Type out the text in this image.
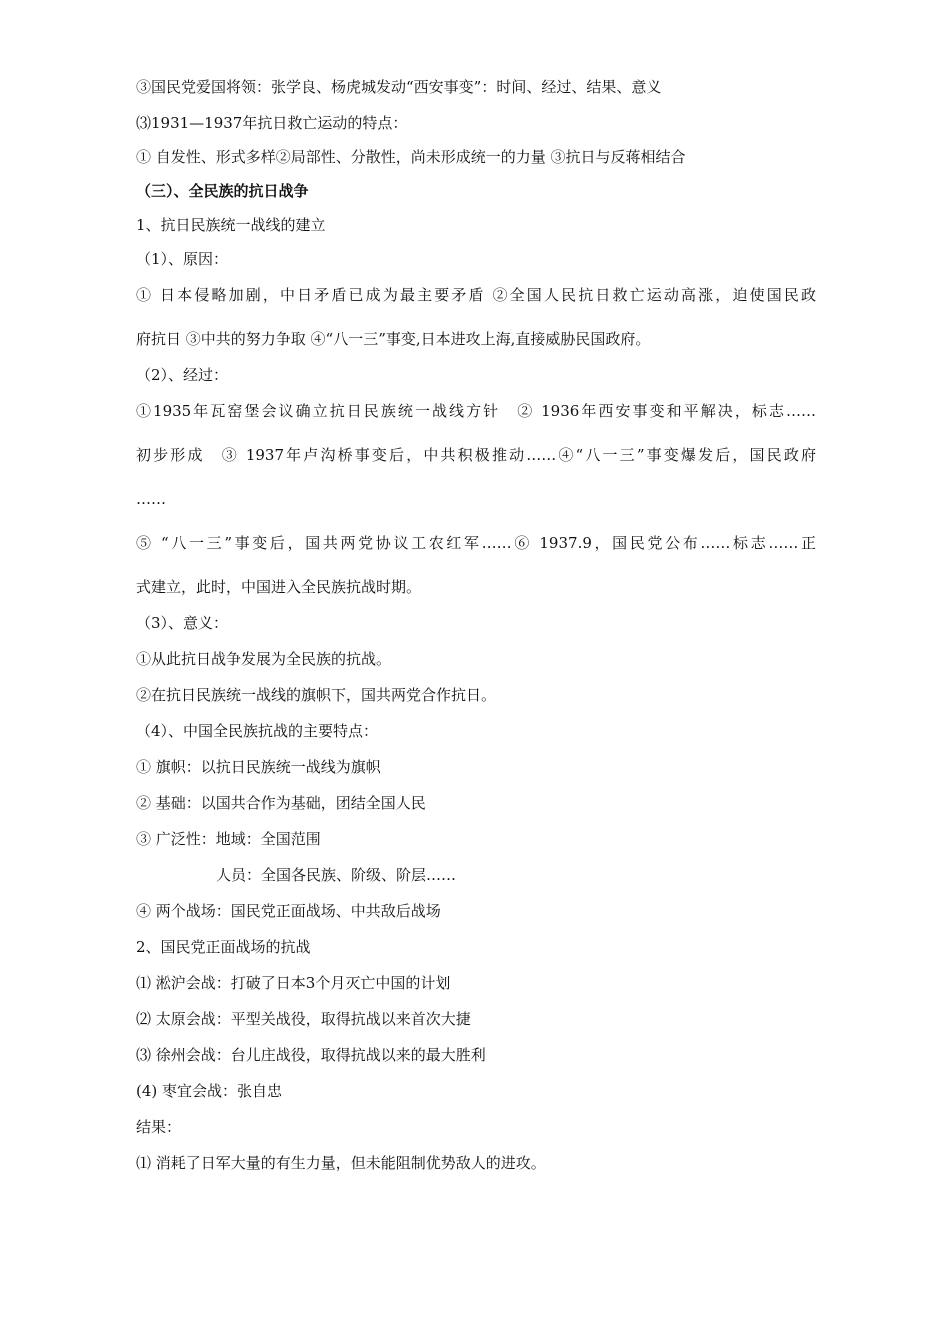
③国民党爱国将领：张学良、杨虎城发动“西安事变”：时间、经过、结果、意义
⑶1931—1937年抗日救亡运动的特点：
① 自发性、形式多样②局部性、分散性，尚未形成统一的力量 ③抗日与反蒋相结合
（三）、全民族的抗日战争
1、抗日民族统一战线的建立
（1）、原因：
① 日本侵略加剧，中日矛盾已成为最主要矛盾 ②全国人民抗日救亡运动高涨，迫使国民政
府抗日 ③中共的努力争取 ④“八一三”事变,日本进攻上海,直接威胁民国政府。
（2）、经过：
①1935年瓦窑堡会议确立抗日民族统一战线方针　② 1936年西安事变和平解决，标志……
初步形成　③ 1937年卢沟桥事变后，中共积极推动……④“八一三”事变爆发后，国民政府
……
⑤ “八一三”事变后，国共两党协议工农红军……⑥ 1937.9，国民党公布……标志……正
式建立，此时，中国进入全民族抗战时期。
（3）、意义：
①从此抗日战争发展为全民族的抗战。
②在抗日民族统一战线的旗帜下，国共两党合作抗日。
（4）、中国全民族抗战的主要特点：
① 旗帜：以抗日民族统一战线为旗帜
② 基础：以国共合作为基础，团结全国人民
③ 广泛性：地域：全国范围
人员：全国各民族、阶级、阶层……
④ 两个战场：国民党正面战场、中共敌后战场
2、国民党正面战场的抗战
⑴ 淞沪会战：打破了日本3个月灭亡中国的计划
⑵ 太原会战：平型关战役，取得抗战以来首次大捷
⑶ 徐州会战：台儿庄战役，取得抗战以来的最大胜利
(4) 枣宜会战：张自忠
结果：
⑴ 消耗了日军大量的有生力量，但未能阻制优势敌人的进攻。
